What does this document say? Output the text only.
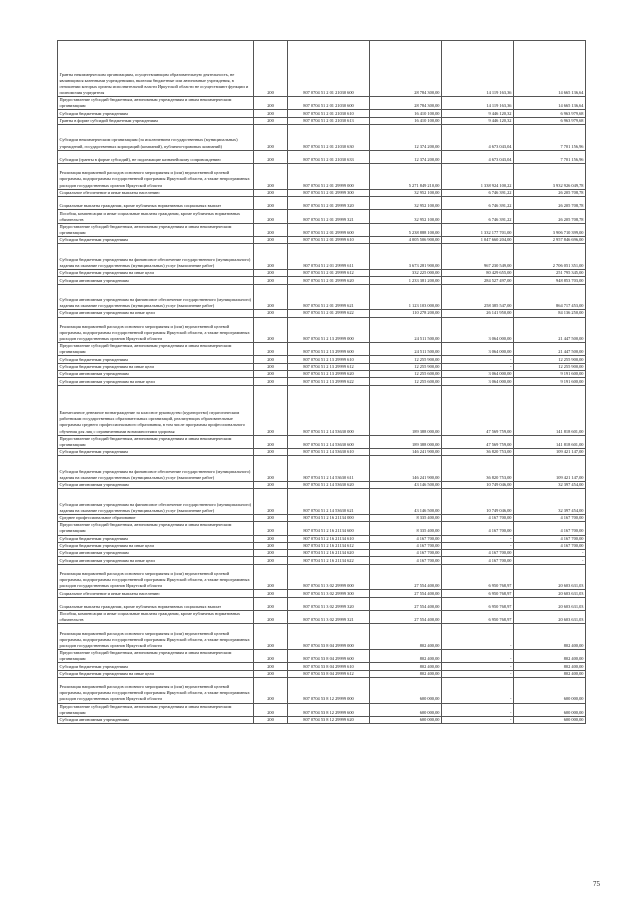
Гранты некоммерческим организациям, осуществляющим образовательную деятельность, не являющимся казенными учреждениями, включая бюджетные или автономные учреждения, в отношении которых органы исполнительной власти Иркутской области не осуществляют функции и полномочия учредителя	200	807 0704 51 2 01 21030 600	28 784 300,00	14 119 163,36	14 665 136,64
Предоставление субсидий бюджетным, автономным учреждениям и иным некоммерческим организациям	200	807 0704 51 2 01 21030 600	28 784 300,00	14 119 163,36	14 665 136,64
Субсидии бюджетным учреждениям	200	807 0704 51 2 01 21030 610	16 410 100,00	9 446 120,32	6 963 979,68
Гранты в форме субсидий бюджетным учреждениям	200	807 0704 51 2 01 21030 613	16 410 100,00	9 446 120,32	6 963 979,68
Субсидии некоммерческим организациям (за исключением государственных (муниципальных) учреждений, государственных корпораций (компаний), публично-правовых компаний)	200	807 0704 51 2 01 21030 630	12 374 200,00	4 673 043,04	7 701 156,96
Субсидии (гранты в форме субсидий), не подлежащие казначейскому сопровождению	200	807 0704 51 2 01 21030 633	12 374 200,00	4 673 043,04	7 701 156,96
Реализация направлений расходов основного мероприятия и (или) ведомственной целевой программы, подпрограммы государственной программы Иркутской области, а также непрограммных расходов государственных органов Иркутской области	200	807 0704 51 2 01 29999 000	5 271 849 210,00	1 338 924 100,22	3 932 926 049,78
Социальное обеспечение и иные выплаты населению	200	807 0704 51 2 01 29999 300	32 952 100,00	6 746 391,22	26 205 708,78
Социальные выплаты гражданам, кроме публичных нормативных социальных выплат	200	807 0704 51 2 01 29999 320	32 952 100,00	6 746 391,22	26 205 708,78
Пособия, компенсации и иные социальные выплаты гражданам, кроме публичных нормативных обязательств	200	807 0704 51 2 01 29999 321	32 952 100,00	6 746 391,22	26 205 708,78
Предоставление субсидий бюджетным, автономным учреждениям и иным некоммерческим организациям	200	807 0704 51 2 01 29999 600	5 238 888 100,00	1 332 177 701,00	3 906 710 399,00
Субсидии бюджетным учреждениям	200	807 0704 51 2 01 29999 610	4 005 506 900,00	1 047 660 204,00	2 957 846 696,00
Субсидии бюджетным учреждениям на финансовое обеспечение государственного (муниципального) задания на оказание государственных (муниципальных) услуг (выполнение работ)	200	807 0704 51 2 01 29999 611	3 673 281 900,00	967 230 549,00	2 706 051 351,00
Субсидии бюджетным учреждениям на иные цели	200	807 0704 51 2 01 29999 612	332 225 000,00	80 429 655,00	251 795 345,00
Субсидии автономным учреждениям	200	807 0704 51 2 01 29999 620	1 233 381 200,00	284 527 497,00	948 853 703,00
Субсидии автономным учреждениям на финансовое обеспечение государственного (муниципального) задания на оказание государственных (муниципальных) услуг (выполнение работ)	200	807 0704 51 2 01 29999 621	1 123 103 000,00	258 385 547,00	864 717 453,00
Субсидии автономным учреждениям на иные цели	200	807 0704 51 2 01 29999 622	110 278 200,00	26 141 950,00	84 136 250,00
Реализация направлений расходов основного мероприятия и (или) ведомственной целевой программы, подпрограммы государственной программы Иркутской области, а также непрограммных расходов государственных органов Иркутской области	200	807 0704 51 2 13 29999 000	24 511 500,00	3 064 000,00	21 447 500,00
Предоставление субсидий бюджетным, автономным учреждениям и иным некоммерческим организациям	200	807 0704 51 2 13 29999 600	24 511 500,00	3 064 000,00	21 447 500,00
Субсидии бюджетным учреждениям	200	807 0704 51 2 13 29999 610	12 255 900,00	-	12 255 900,00
Субсидии бюджетным учреждениям на иные цели	200	807 0704 51 2 13 29999 612	12 255 900,00	-	12 255 900,00
Субсидии автономным учреждениям	200	807 0704 51 2 13 29999 620	12 255 600,00	3 064 000,00	9 191 600,00
Субсидии автономным учреждениям на иные цели	200	807 0704 51 2 13 29999 622	12 255 600,00	3 064 000,00	9 191 600,00
Ежемесячное денежное вознаграждение за классное руководство (кураторство) педагогическим работникам государственных образовательных организаций, реализующих образовательные программы среднего профессионального образования, в том числе программы профессионального обучения для лиц с ограниченными возможностями здоровья	200	807 0704 51 2 14 53630 000	189 388 000,00	47 569 759,00	141 818 601,00
Предоставление субсидий бюджетным, автономным учреждениям и иным некоммерческим организациям	200	807 0704 51 2 14 53630 600	189 388 000,00	47 569 759,00	141 818 601,00
Субсидии бюджетным учреждениям	200	807 0704 51 2 14 53630 610	146 241 900,00	36 820 753,00	109 421 147,00
Субсидии бюджетным учреждениям на финансовое обеспечение государственного (муниципального) задания на оказание государственных (муниципальных) услуг (выполнение работ)	200	807 0704 51 2 14 53630 611	146 241 900,00	36 820 753,00	109 421 147,00
Субсидии автономным учреждениям	200	807 0704 51 2 14 53630 620	43 146 500,00	10 749 046,00	32 397 454,00
Субсидии автономным учреждениям на финансовое обеспечение государственного (муниципального) задания на оказание государственных (муниципальных) услуг (выполнение работ)	200	807 0704 51 2 14 53630 621	43 146 500,00	10 749 046,00	32 397 454,00
Среднее профессиональное образование	200	807 0704 51 2 16 21134 000	8 335 400,00	4 167 700,00	4 167 700,00
Предоставление субсидий бюджетным, автономным учреждениям и иным некоммерческим организациям	200	807 0704 51 2 16 21134 600	8 335 400,00	4 167 700,00	4 167 700,00
Субсидии бюджетным учреждениям	200	807 0704 51 2 16 21134 610	4 167 700,00	-	4 167 700,00
Субсидии бюджетным учреждениям на иные цели	200	807 0704 51 2 16 21134 612	4 167 700,00	-	4 167 700,00
Субсидии автономным учреждениям	200	807 0704 51 2 16 21134 620	4 167 700,00	4 167 700,00	-
Субсидии автономным учреждениям на иные цели	200	807 0704 51 2 16 21134 622	4 167 700,00	4 167 700,00	-
Реализация направлений расходов основного мероприятия и (или) ведомственной целевой программы, подпрограммы государственной программы Иркутской области, а также непрограммных расходов государственных органов Иркутской области	200	807 0704 51 3 02 29999 000	27 554 400,00	6 950 768,97	20 603 631,03
Социальное обеспечение и иные выплаты населению	200	807 0704 51 3 02 29999 300	27 554 400,00	6 950 768,97	20 603 631,03
Социальные выплаты гражданам, кроме публичных нормативных социальных выплат	200	807 0704 51 3 02 29999 320	27 554 400,00	6 950 768,97	20 603 631,03
Пособия, компенсации и иные социальные выплаты гражданам, кроме публичных нормативных обязательств	200	807 0704 51 3 02 29999 321	27 554 400,00	6 950 768,97	20 603 631,03
Реализация направлений расходов основного мероприятия и (или) ведомственной целевой программы, подпрограммы государственной программы Иркутской области, а также непрограммных расходов государственных органов Иркутской области	200	807 0704 53 8 04 29999 000	802 400,00	-	802 400,00
Предоставление субсидий бюджетным, автономным учреждениям и иным некоммерческим организациям	200	807 0704 53 8 04 29999 600	802 400,00	-	802 400,00
Субсидии бюджетным учреждениям	200	807 0704 53 8 04 29999 610	802 400,00	-	802 400,00
Субсидии бюджетным учреждениям на иные цели	200	807 0704 53 8 04 29999 612	802 400,00	-	802 400,00
Реализация направлений расходов основного мероприятия и (или) ведомственной целевой программы, подпрограммы государственной программы Иркутской области, а также непрограммных расходов государственных органов Иркутской области	200	807 0704 53 8 12 29999 000	600 000,00	-	600 000,00
Предоставление субсидий бюджетным, автономным учреждениям и иным некоммерческим организациям	200	807 0704 53 8 12 29999 600	600 000,00	-	600 000,00
Субсидии автономным учреждениям	200	807 0704 53 8 12 29999 620	600 000,00	-	600 000,00
75
